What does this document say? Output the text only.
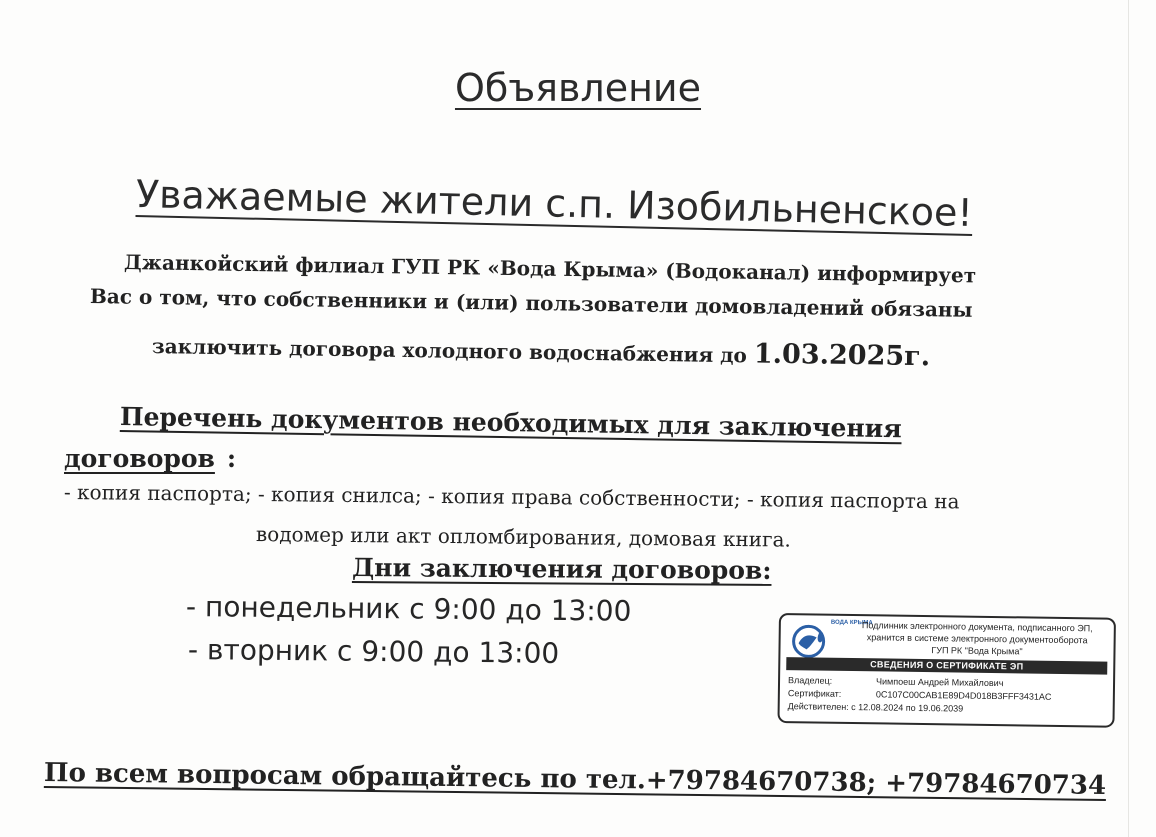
Объявление
Уважаемые жители с.п. Изобильненское!
Джанкойский филиал ГУП РК «Вода Крыма» (Водоканал) информирует
Вас о том, что собственники и (или) пользователи домовладений обязаны
заключить договора холодного водоснабжения до 1.03.2025г.
Перечень документов необходимых для заключения
договоров :
- копия паспорта; - копия снилса; - копия права собственности; - копия паспорта на
водомер или акт опломбирования, домовая книга.
Дни заключения договоров:
- понедельник с 9:00 до 13:00
- вторник с 9:00 до 13:00
По всем вопросам обращайтесь по тел.+79784670738; +79784670734
ВОДА КРЫМА
Подлинник электронного документа, подписанного ЭП,
хранится в системе электронного документооборота
ГУП РК "Вода Крыма"
СВЕДЕНИЯ О СЕРТИФИКАТЕ ЭП
Владелец:	Чимпоеш Андрей Михайлович
Сертификат:	0C107C00CAB1E89D4D018B3FFF3431AC
Действителен: с 12.08.2024 по 19.06.2039
